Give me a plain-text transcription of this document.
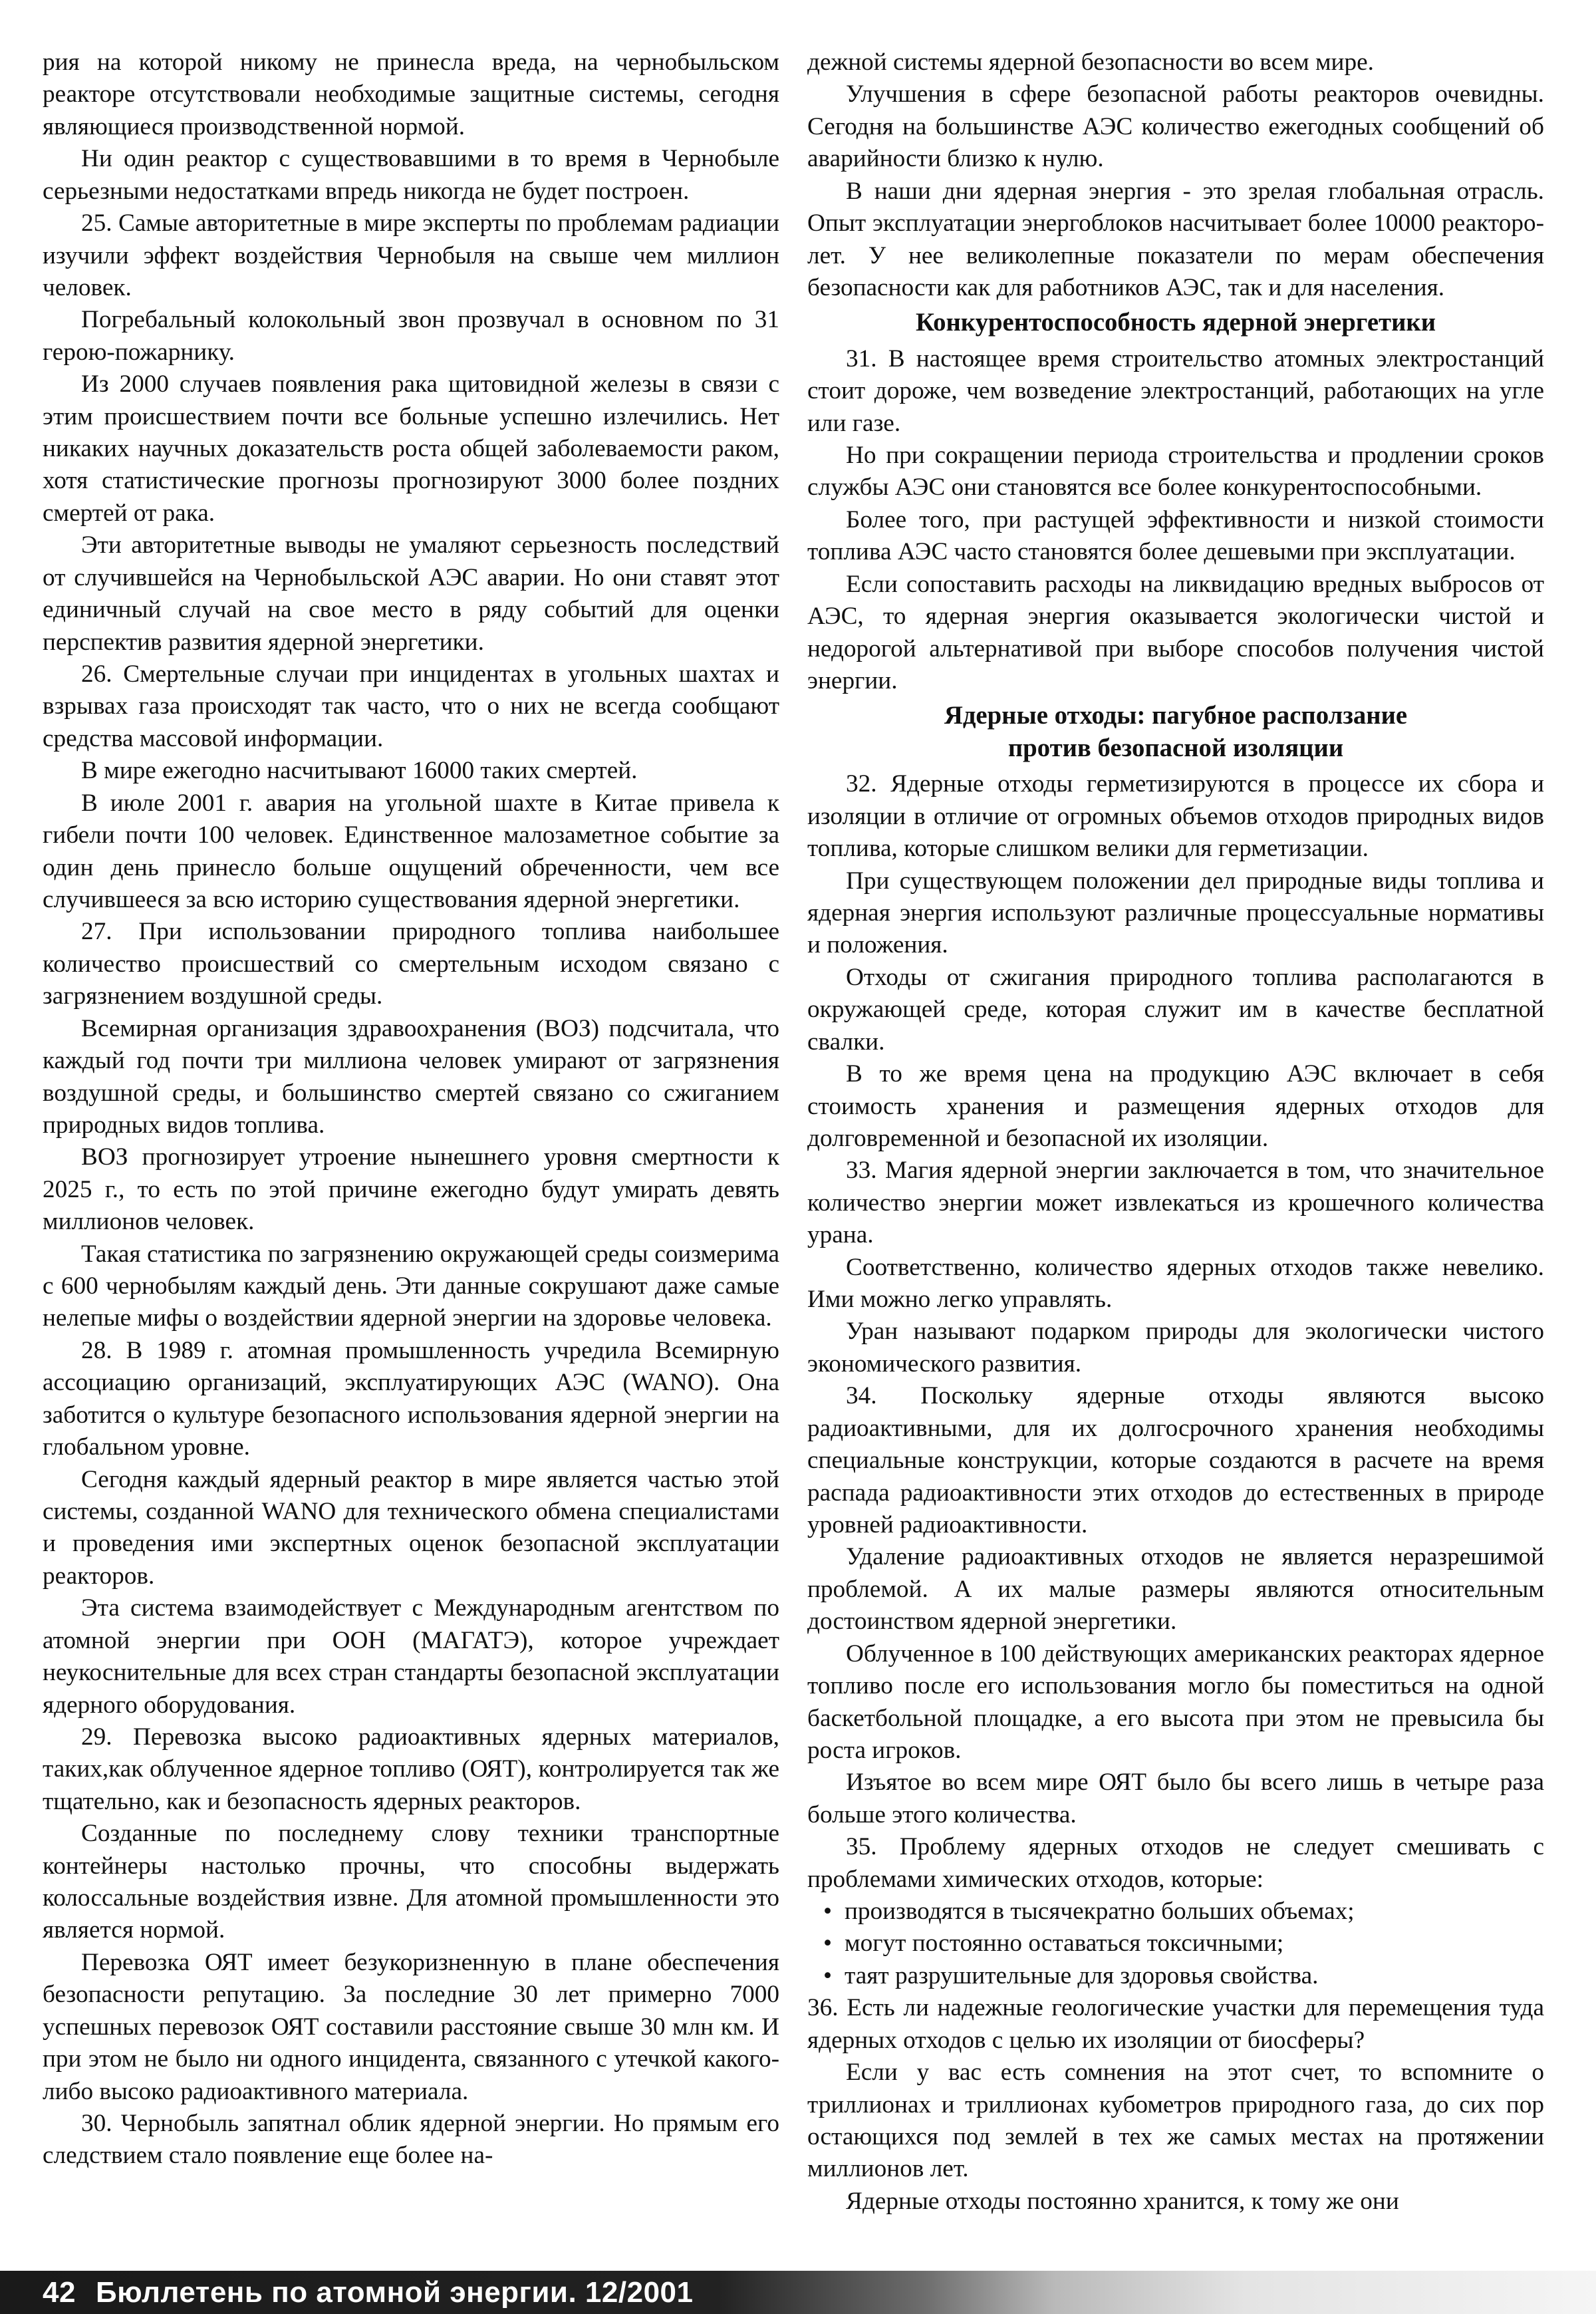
рия на которой никому не принесла вреда, на чернобыльском реакторе отсутствовали необходимые защитные системы, сегодня являющиеся производственной нормой.

Ни один реактор с существовавшими в то время в Чернобыле серьезными недостатками впредь никогда не будет построен.

25. Самые авторитетные в мире эксперты по проблемам радиации изучили эффект воздействия Чернобыля на свыше чем миллион человек.

Погребальный колокольный звон прозвучал в основном по 31 герою-пожарнику.

Из 2000 случаев появления рака щитовидной железы в связи с этим происшествием почти все больные успешно излечились. Нет никаких научных доказательств роста общей заболеваемости раком, хотя статистические прогнозы прогнозируют 3000 более поздних смертей от рака.

Эти авторитетные выводы не умаляют серьезность последствий от случившейся на Чернобыльской АЭС аварии. Но они ставят этот единичный случай на свое место в ряду событий для оценки перспектив развития ядерной энергетики.

26. Смертельные случаи при инцидентах в угольных шахтах и взрывах газа происходят так часто, что о них не всегда сообщают средства массовой информации.

В мире ежегодно насчитывают 16000 таких смертей.

В июле 2001 г. авария на угольной шахте в Китае привела к гибели почти 100 человек. Единственное малозаметное событие за один день принесло больше ощущений обреченности, чем все случившееся за всю историю существования ядерной энергетики.

27. При использовании природного топлива наибольшее количество происшествий со смертельным исходом связано с загрязнением воздушной среды.

Всемирная организация здравоохранения (ВОЗ) подсчитала, что каждый год почти три миллиона человек умирают от загрязнения воздушной среды, и большинство смертей связано со сжиганием природных видов топлива.

ВОЗ прогнозирует утроение нынешнего уровня смертности к 2025 г., то есть по этой причине ежегодно будут умирать девять миллионов человек.

Такая статистика по загрязнению окружающей среды соизмерима с 600 чернобылям каждый день. Эти данные сокрушают даже самые нелепые мифы о воздействии ядерной энергии на здоровье человека.

28. В 1989 г. атомная промышленность учредила Всемирную ассоциацию организаций, эксплуатирующих АЭС (WANO). Она заботится о культуре безопасного использования ядерной энергии на глобальном уровне.

Сегодня каждый ядерный реактор в мире является частью этой системы, созданной WANO для технического обмена специалистами и проведения ими экспертных оценок безопасной эксплуатации реакторов.

Эта система взаимодействует с Международным агентством по атомной энергии при ООН (МАГАТЭ), которое учреждает неукоснительные для всех стран стандарты безопасной эксплуатации ядерного оборудования.

29. Перевозка высоко радиоактивных ядерных материалов, таких,как облученное ядерное топливо (ОЯТ), контролируется так же тщательно, как и безопасность ядерных реакторов.

Созданные по последнему слову техники транспортные контейнеры настолько прочны, что способны выдержать колоссальные воздействия извне. Для атомной промышленности это является нормой.

Перевозка ОЯТ имеет безукоризненную в плане обеспечения безопасности репутацию. За последние 30 лет примерно 7000 успешных перевозок ОЯТ составили расстояние свыше 30 млн км. И при этом не было ни одного инцидента, связанного с утечкой какого-либо высоко радиоактивного материала.

30. Чернобыль запятнал облик ядерной энергии. Но прямым его следствием стало появление еще более на-

дежной системы ядерной безопасности во всем мире.

Улучшения в сфере безопасной работы реакторов очевидны. Сегодня на большинстве АЭС количество ежегодных сообщений об аварийности близко к нулю.

В наши дни ядерная энергия - это зрелая глобальная отрасль. Опыт эксплуатации энергоблоков насчитывает более 10000 реакторо-лет. У нее великолепные показатели по мерам обеспечения безопасности как для работников АЭС, так и для населения.

Конкурентоспособность ядерной энергетики

31. В настоящее время строительство атомных электростанций стоит дороже, чем возведение электростанций, работающих на угле или газе.

Но при сокращении периода строительства и продлении сроков службы АЭС они становятся все более конкурентоспособными.

Более того, при растущей эффективности и низкой стоимости топлива АЭС часто становятся более дешевыми при эксплуатации.

Если сопоставить расходы на ликвидацию вредных выбросов от АЭС, то ядерная энергия оказывается экологически чистой и недорогой альтернативой при выборе способов получения чистой энергии.

Ядерные отходы: пагубное расползание
против безопасной изоляции

32. Ядерные отходы герметизируются в процессе их сбора и изоляции в отличие от огромных объемов отходов природных видов топлива, которые слишком велики для герметизации.

При существующем положении дел природные виды топлива и ядерная энергия используют различные процессуальные нормативы и положения.

Отходы от сжигания природного топлива располагаются в окружающей среде, которая служит им в качестве бесплатной свалки.

В то же время цена на продукцию АЭС включает в себя стоимость хранения и размещения ядерных отходов для долговременной и безопасной их изоляции.

33. Магия ядерной энергии заключается в том, что значительное количество энергии может извлекаться из крошечного количества урана.

Соответственно, количество ядерных отходов также невелико. Ими можно легко управлять.

Уран называют подарком природы для экологически чистого экономического развития.

34. Поскольку ядерные отходы являются высоко радиоактивными, для их долгосрочного хранения необходимы специальные конструкции, которые создаются в расчете на время распада радиоактивности этих отходов до естественных в природе уровней радиоактивности.

Удаление радиоактивных отходов не является неразрешимой проблемой. А их малые размеры являются относительным достоинством ядерной энергетики.

Облученное в 100 действующих американских реакторах ядерное топливо после его использования могло бы поместиться на одной баскетбольной площадке, а его высота при этом не превысила бы роста игроков.

Изъятое во всем мире ОЯТ было бы всего лишь в четыре раза больше этого количества.

35. Проблему ядерных отходов не следует смешивать с проблемами химических отходов, которые:

• производятся в тысячекратно больших объемах;
• могут постоянно оставаться токсичными;
• таят разрушительные для здоровья свойства.

36. Есть ли надежные геологические участки для перемещения туда ядерных отходов с целью их изоляции от биосферы?

Если у вас есть сомнения на этот счет, то вспомните о триллионах и триллионах кубометров природного газа, до сих пор остающихся под землей в тех же самых местах на протяжении миллионов лет.

Ядерные отходы постоянно хранится, к тому же они

42 Бюллетень по атомной энергии. 12/2001
